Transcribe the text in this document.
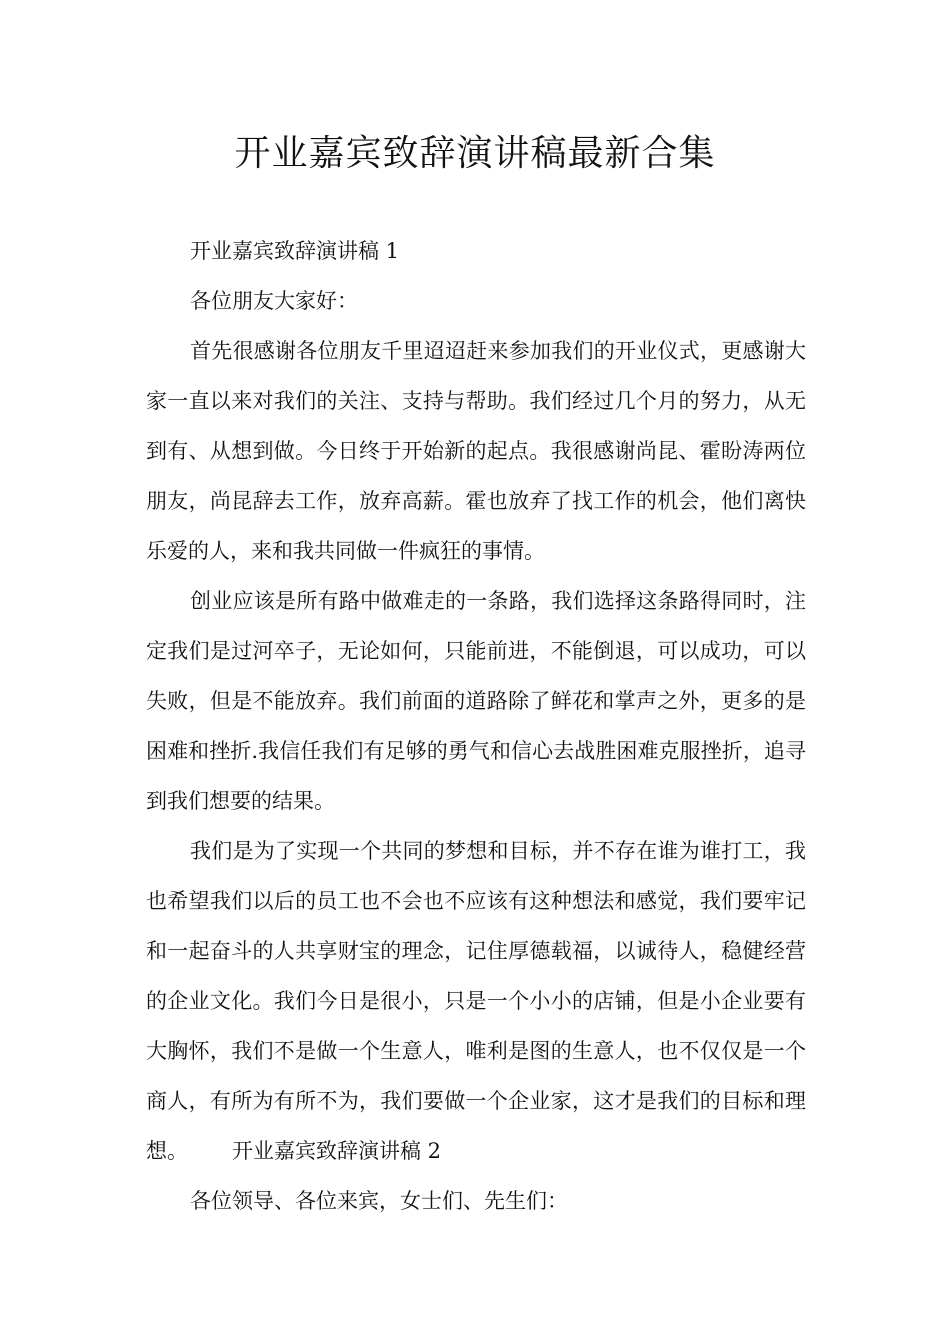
开业嘉宾致辞演讲稿最新合集

开业嘉宾致辞演讲稿 1

各位朋友大家好：

首先很感谢各位朋友千里迢迢赶来参加我们的开业仪式，更感谢大家一直以来对我们的关注、支持与帮助。我们经过几个月的努力，从无到有、从想到做。今日终于开始新的起点。我很感谢尚昆、霍盼涛两位朋友，尚昆辞去工作，放弃高薪。霍也放弃了找工作的机会，他们离快乐爱的人，来和我共同做一件疯狂的事情。

创业应该是所有路中做难走的一条路，我们选择这条路得同时，注定我们是过河卒子，无论如何，只能前进，不能倒退，可以成功，可以失败，但是不能放弃。我们前面的道路除了鲜花和掌声之外，更多的是困难和挫折.我信任我们有足够的勇气和信心去战胜困难克服挫折，追寻到我们想要的结果。

我们是为了实现一个共同的梦想和目标，并不存在谁为谁打工，我也希望我们以后的员工也不会也不应该有这种想法和感觉，我们要牢记和一起奋斗的人共享财宝的理念，记住厚德载福，以诚待人，稳健经营的企业文化。我们今日是很小，只是一个小小的店铺，但是小企业要有大胸怀，我们不是做一个生意人，唯利是图的生意人，也不仅仅是一个商人，有所为有所不为，我们要做一个企业家，这才是我们的目标和理想。 开业嘉宾致辞演讲稿 2

各位领导、各位来宾，女士们、先生们：
